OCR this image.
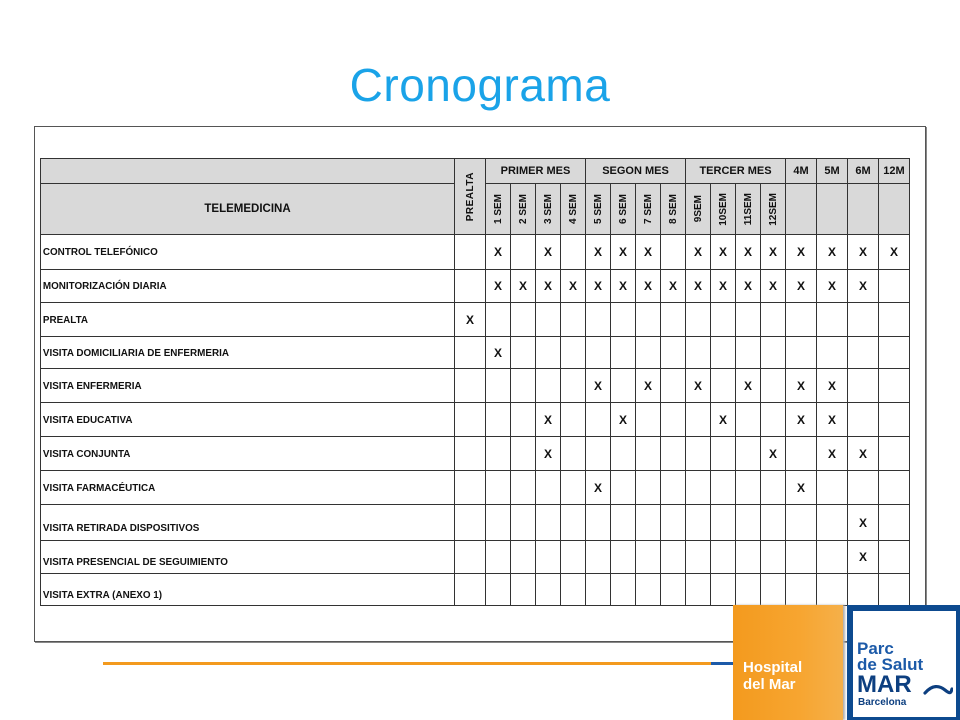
Cronograma

	PREALTA	PRIMER MES				SEGON MES				TERCER MES				4M	5M	6M	12M
TELEMEDICINA		1 SEM	2 SEM	3 SEM	4 SEM	5 SEM	6 SEM	7 SEM	8 SEM	9SEM	10SEM	11SEM	12SEM				

CONTROL TELEFÓNICO		X		X		X	X	X		X	X	X	X	X	X	X	X

MONITORIZACIÓN DIARIA		X	X	X	X	X	X	X	X	X	X	X	X	X	X	X	

PREALTA	X																

VISITA DOMICILIARIA DE ENFERMERIA		X															

VISITA ENFERMERIA						X		X		X		X		X	X		

VISITA EDUCATIVA				X			X				X			X	X		

VISITA CONJUNTA				X									X		X	X	

VISITA FARMACÉUTICA						X								X			

VISITA RETIRADA DISPOSITIVOS																X	

VISITA PRESENCIAL DE SEGUIMIENTO																X	

VISITA EXTRA (ANEXO 1)																	

Hospital
del Mar
Parc
de Salut
MAR
Barcelona
